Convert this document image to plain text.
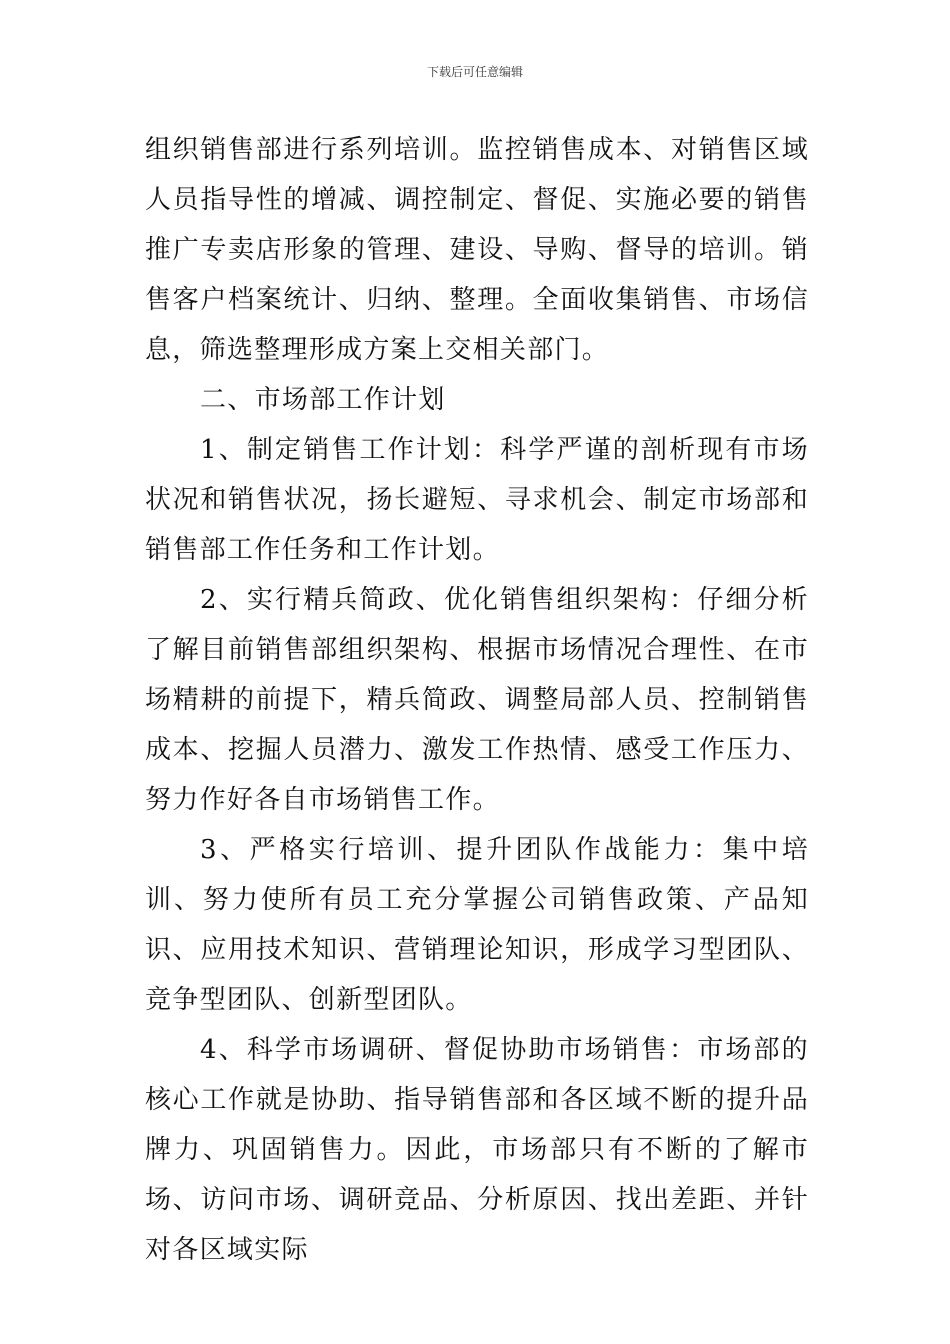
下载后可任意编辑

组织销售部进行系列培训。监控销售成本、对销售区域人员指导性的增减、调控制定、督促、实施必要的销售推广专卖店形象的管理、建设、导购、督导的培训。销售客户档案统计、归纳、整理。全面收集销售、市场信息，筛选整理形成方案上交相关部门。

二、市场部工作计划

1、制定销售工作计划：科学严谨的剖析现有市场状况和销售状况，扬长避短、寻求机会、制定市场部和销售部工作任务和工作计划。

2、实行精兵简政、优化销售组织架构：仔细分析了解目前销售部组织架构、根据市场情况合理性、在市场精耕的前提下，精兵简政、调整局部人员、控制销售成本、挖掘人员潜力、激发工作热情、感受工作压力、努力作好各自市场销售工作。

3、严格实行培训、提升团队作战能力：集中培训、努力使所有员工充分掌握公司销售政策、产品知识、应用技术知识、营销理论知识，形成学习型团队、竞争型团队、创新型团队。

4、科学市场调研、督促协助市场销售：市场部的核心工作就是协助、指导销售部和各区域不断的提升品牌力、巩固销售力。因此，市场部只有不断的了解市场、访问市场、调研竞品、分析原因、找出差距、并针对各区域实际
